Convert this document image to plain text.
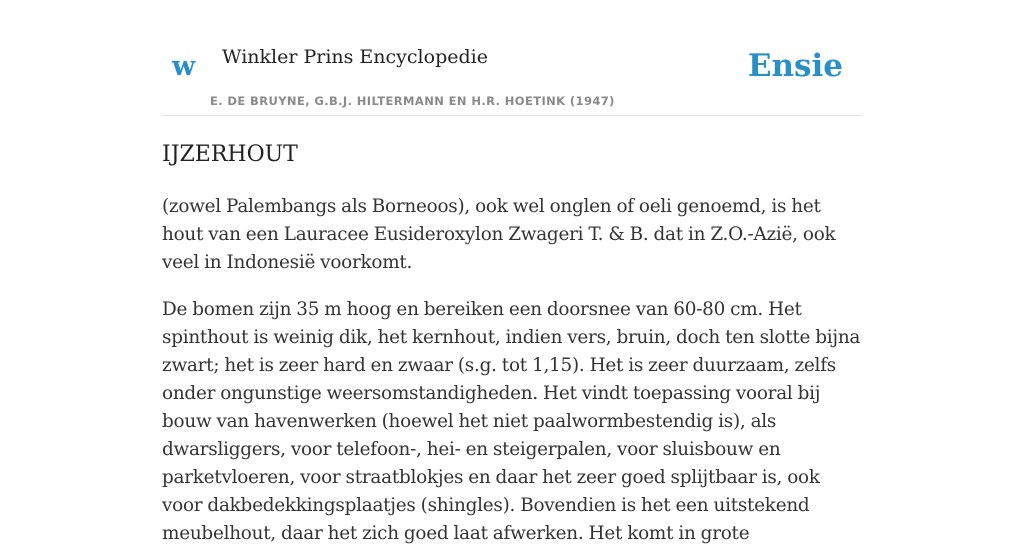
w Winkler Prins Encyclopedie
E. DE BRUYNE, G.B.J. HILTERMANN EN H.R. HOETINK (1947)
Ensie
IJZERHOUT

(zowel Palembangs als Borneoos), ook wel onglen of oeli genoemd, is het hout van een Lauracee Eusideroxylon Zwageri T. & B. dat in Z.O.-Azië, ook veel in Indonesië voorkomt.

De bomen zijn 35 m hoog en bereiken een doorsnee van 60-80 cm. Het spinthout is weinig dik, het kernhout, indien vers, bruin, doch ten slotte bijna zwart; het is zeer hard en zwaar (s.g. tot 1,15). Het is zeer duurzaam, zelfs onder ongunstige weersomstandigheden. Het vindt toepassing vooral bij bouw van havenwerken (hoewel het niet paalwormbestendig is), als dwarsliggers, voor telefoon-, hei- en steigerpalen, voor sluisbouw en parketvloeren, voor straatblokjes en daar het zeer goed splijtbaar is, ook voor dakbedekkingsplaatjes (shingles). Bovendien is het een uitstekend meubelhout, daar het zich goed laat afwerken. Het komt in grote
